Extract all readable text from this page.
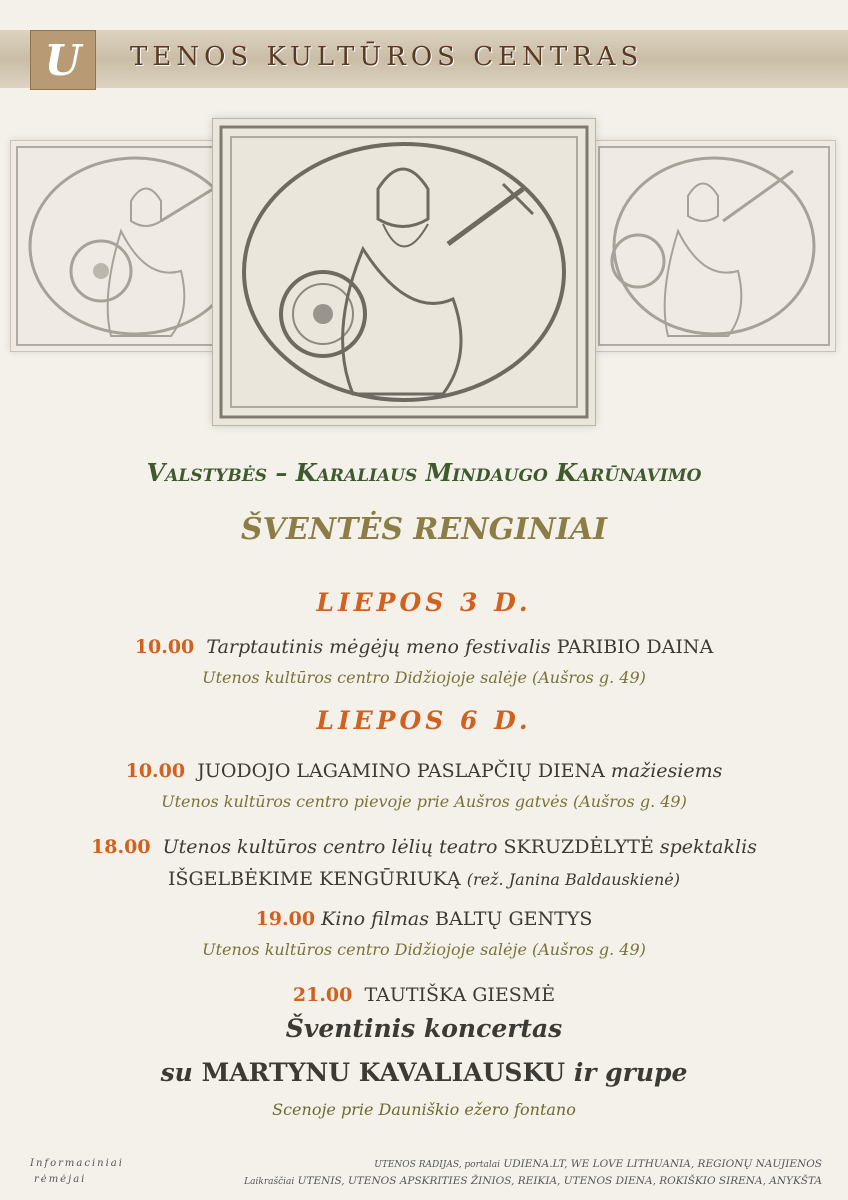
U TENOS KULTŪROS CENTRAS
Valstybės – Karaliaus Mindaugo Karūnavimo
ŠVENTĖS RENGINIAI
LIEPOS 3 D.
10.00 Tarptautinis mėgėjų meno festivalis PARIBIO DAINA
Utenos kultūros centro Didžiojoje salėje (Aušros g. 49)
LIEPOS 6 D.
10.00 JUODOJO LAGAMINO PASLAPČIŲ DIENA mažiesiems
Utenos kultūros centro pievoje prie Aušros gatvės (Aušros g. 49)
18.00 Utenos kultūros centro lėlių teatro SKRUZDĖLYTĖ spektaklis
IŠGELBĖKIME KENGŪRIUKĄ (rež. Janina Baldauskienė)
19.00 Kino filmas BALTŲ GENTYS
Utenos kultūros centro Didžiojoje salėje (Aušros g. 49)
21.00 TAUTIŠKA GIESMĖ
Šventinis koncertas
su MARTYNU KAVALIAUSKU ir grupe
Scenoje prie Dauniškio ežero fontano
Informaciniai
rėmėjai
UTENOS RADIJAS, portalai UDIENA.LT, WE LOVE LITHUANIA, REGIONŲ NAUJIENOS
Laikraščiai UTENIS, UTENOS APSKRITIES ŽINIOS, REIKIA, UTENOS DIENA, ROKIŠKIO SIRENA, ANYKŠTA
